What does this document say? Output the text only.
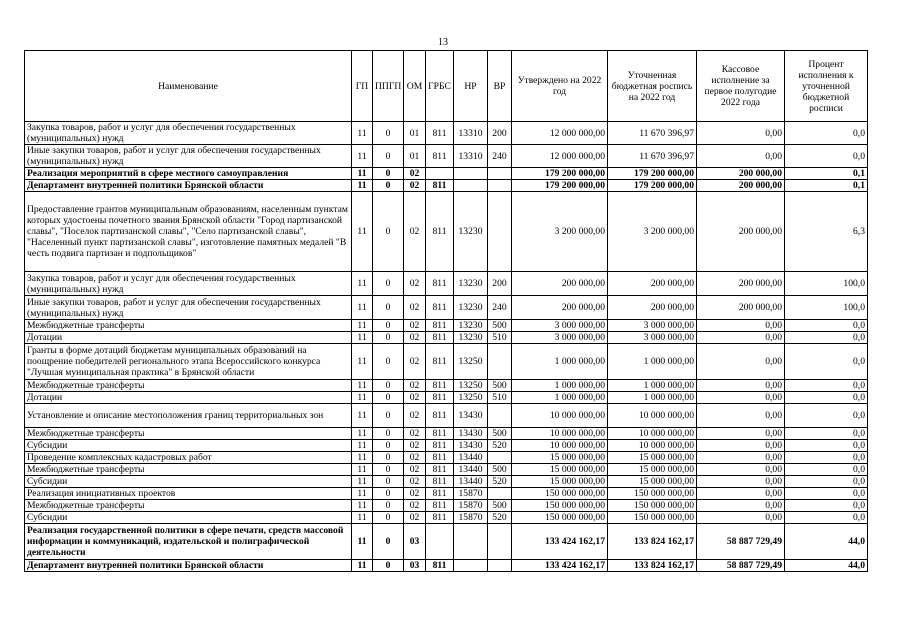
13
Наименование	ГП	ППГП	ОМ	ГРБС	НР	ВР	Утверждено на 2022 год	Уточненная бюджетная роспись на 2022 год	Кассовое исполнение за первое полугодие 2022 года	Процент исполнения к уточненной бюджетной росписи
Закупка товаров, работ и услуг для обеспечения государственных (муниципальных) нужд	11	0	01	811	13310	200	12 000 000,00	11 670 396,97	0,00	0,0
Иные закупки товаров, работ и услуг для обеспечения государственных (муниципальных) нужд	11	0	01	811	13310	240	12 000 000,00	11 670 396,97	0,00	0,0
Реализация мероприятий в сфере местного самоуправления	11	0	02				179 200 000,00	179 200 000,00	200 000,00	0,1
Департамент внутренней политики Брянской области	11	0	02	811			179 200 000,00	179 200 000,00	200 000,00	0,1
Предоставление грантов муниципальным образованиям, населенным пунктам которых удостоены почетного звания Брянской области "Город партизанской славы", "Поселок партизанской славы", "Село партизанской славы", "Населенный пункт партизанской славы", изготовление памятных медалей "В честь подвига партизан и подпольщиков"	11	0	02	811	13230		3 200 000,00	3 200 000,00	200 000,00	6,3
Закупка товаров, работ и услуг для обеспечения государственных (муниципальных) нужд	11	0	02	811	13230	200	200 000,00	200 000,00	200 000,00	100,0
Иные закупки товаров, работ и услуг для обеспечения государственных (муниципальных) нужд	11	0	02	811	13230	240	200 000,00	200 000,00	200 000,00	100,0
Межбюджетные трансферты	11	0	02	811	13230	500	3 000 000,00	3 000 000,00	0,00	0,0
Дотации	11	0	02	811	13230	510	3 000 000,00	3 000 000,00	0,00	0,0
Гранты в форме дотаций бюджетам муниципальных образований на поощрение победителей регионального этапа Всероссийского конкурса "Лучшая муниципальная практика" в Брянской области	11	0	02	811	13250		1 000 000,00	1 000 000,00	0,00	0,0
Межбюджетные трансферты	11	0	02	811	13250	500	1 000 000,00	1 000 000,00	0,00	0,0
Дотации	11	0	02	811	13250	510	1 000 000,00	1 000 000,00	0,00	0,0
Установление и описание местоположения границ территориальных зон	11	0	02	811	13430		10 000 000,00	10 000 000,00	0,00	0,0
Межбюджетные трансферты	11	0	02	811	13430	500	10 000 000,00	10 000 000,00	0,00	0,0
Субсидии	11	0	02	811	13430	520	10 000 000,00	10 000 000,00	0,00	0,0
Проведение комплексных кадастровых работ	11	0	02	811	13440		15 000 000,00	15 000 000,00	0,00	0,0
Межбюджетные трансферты	11	0	02	811	13440	500	15 000 000,00	15 000 000,00	0,00	0,0
Субсидии	11	0	02	811	13440	520	15 000 000,00	15 000 000,00	0,00	0,0
Реализация инициативных проектов	11	0	02	811	15870		150 000 000,00	150 000 000,00	0,00	0,0
Межбюджетные трансферты	11	0	02	811	15870	500	150 000 000,00	150 000 000,00	0,00	0,0
Субсидии	11	0	02	811	15870	520	150 000 000,00	150 000 000,00	0,00	0,0
Реализация государственной политики в сфере печати, средств массовой информации и коммуникаций, издательской и полиграфической деятельности	11	0	03				133 424 162,17	133 824 162,17	58 887 729,49	44,0
Департамент внутренней политики Брянской области	11	0	03	811			133 424 162,17	133 824 162,17	58 887 729,49	44,0
